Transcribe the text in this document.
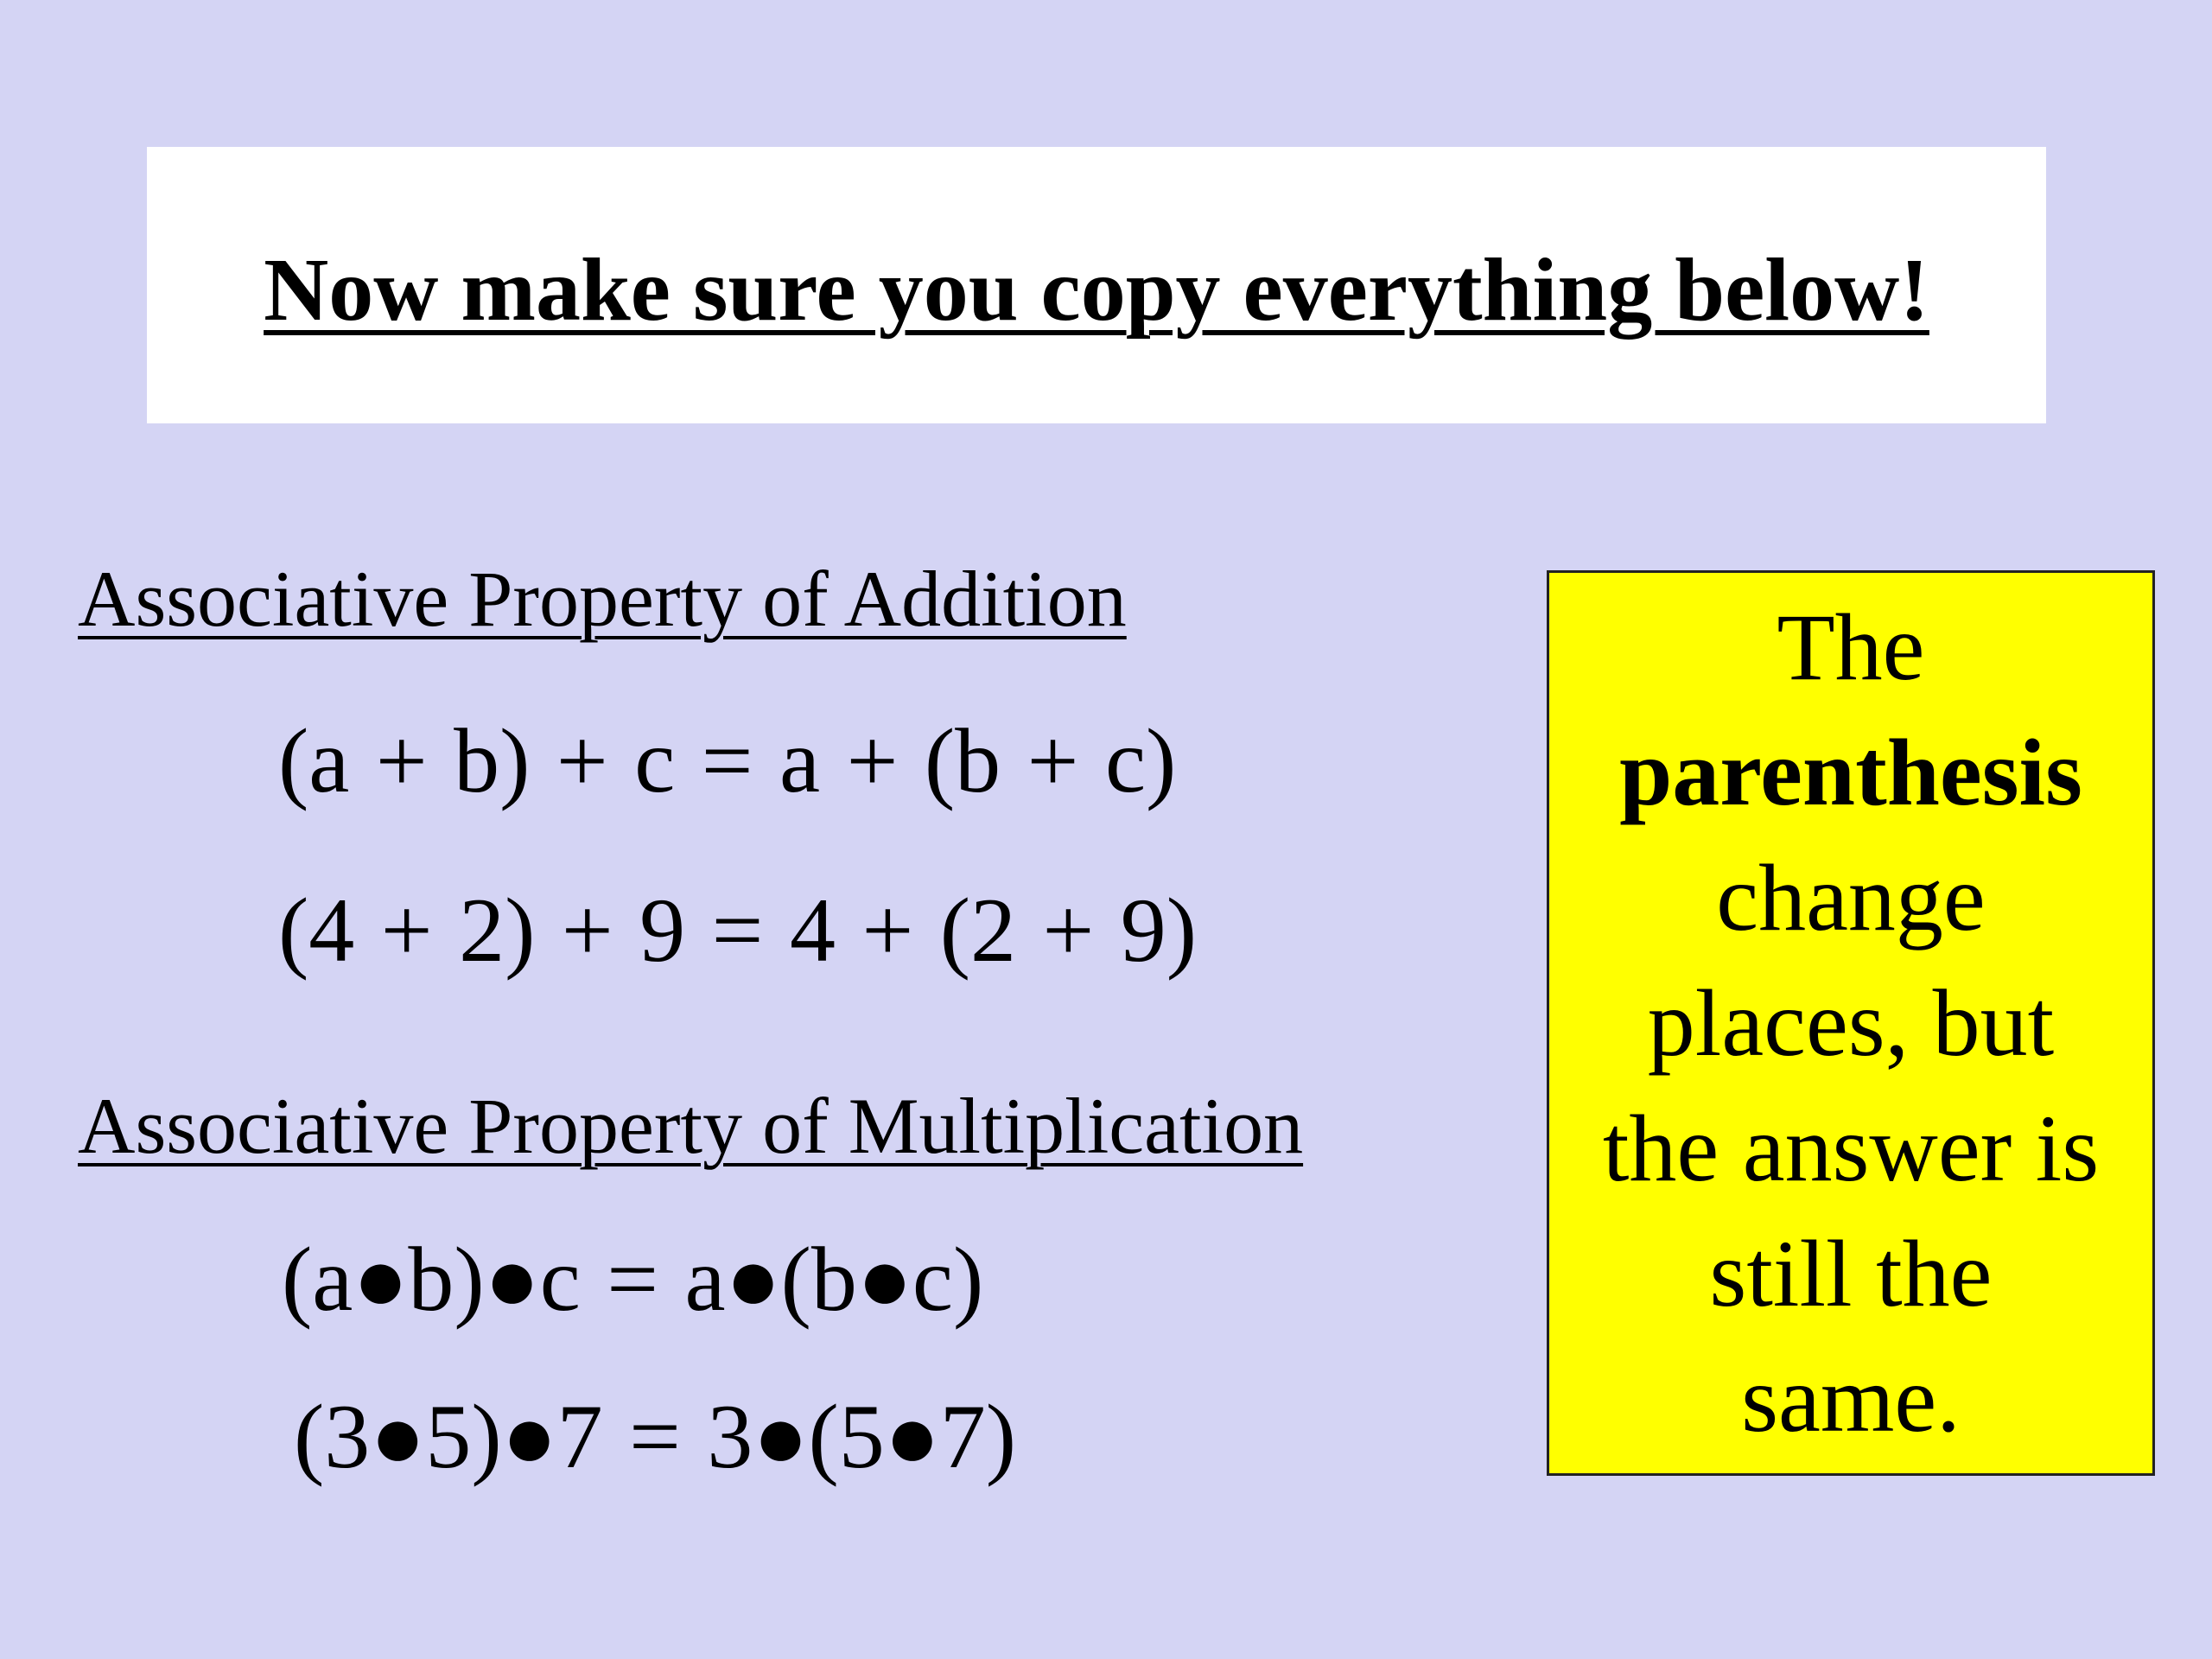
Now make sure you copy everything below!
Associative Property of Addition
(a + b) + c = a + (b + c)
(4 + 2) + 9 = 4 + (2 + 9)
Associative Property of Multiplication
(a●b)●c = a●(b●c)
(3●5)●7 = 3●(5●7)
The
parenthesis
change
places, but
the answer is
still the
same.
